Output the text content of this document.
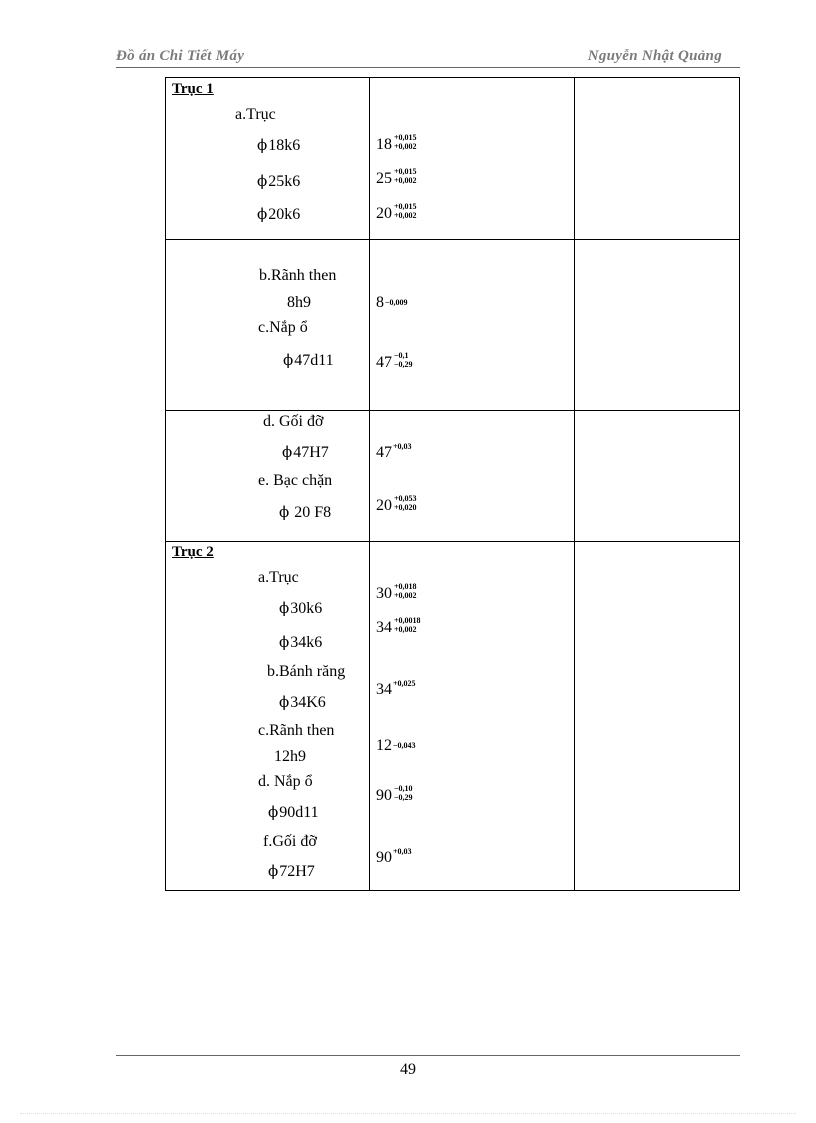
Đồ án Chi Tiết Máy	Nguyễn Nhật Quảng
Trục 1
a.Trục
ϕ18k6
ϕ25k6
ϕ20k6
18 +0,015
+0,002
25 +0,015
+0,002
20 +0,015
+0,002
b.Rãnh then
8h9
c.Nắp ổ
ϕ47d11
8−0,009
47 −0,1
−0,29
d. Gối đỡ
ϕ47H7
e. Bạc chặn
ϕ 20 F8
$47^{+0,03}$
20 +0,053
+0,020
Trục 2
a.Trục
ϕ30k6
ϕ34k6
b.Bánh răng
ϕ34K6
c.Rãnh then
12h9
d. Nắp ổ
ϕ90d11
f.Gối đỡ
ϕ72H7
30 +0,018
+0,002
34 +0,0018
+0,002
$34^{+0,025}$
12−0,043
90 −0,10
−0,29
$90^{+0,03}$
49
